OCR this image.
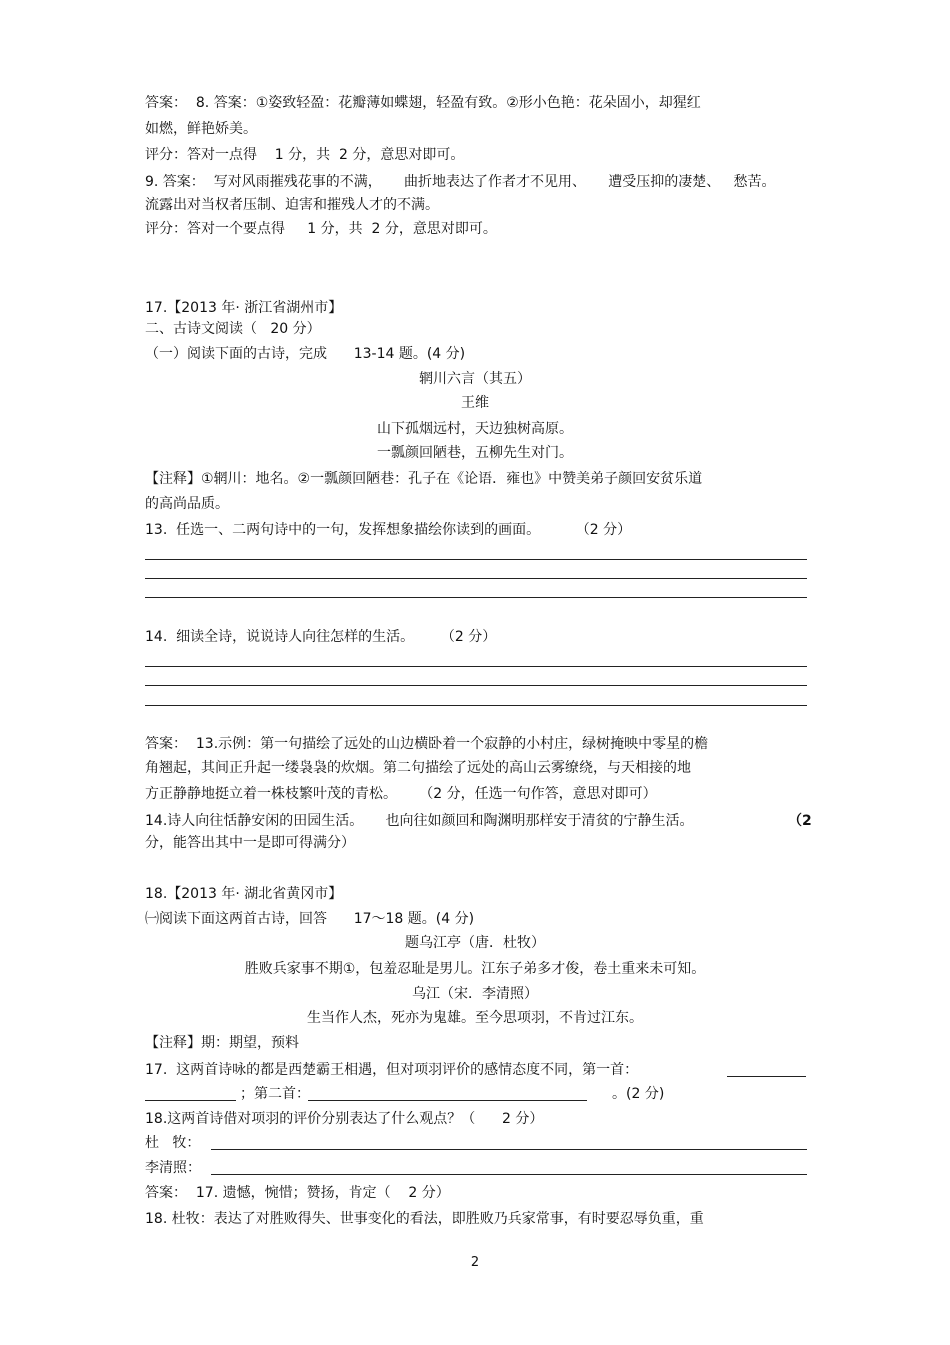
答案：  8. 答案：①姿致轻盈：花瓣薄如蝶翅，轻盈有致。②形小色艳：花朵固小，却猩红
如燃，鲜艳娇美。
评分：答对一点得    1 分，共  2 分，意思对即可。
9. 答案：  写对风雨摧残花事的不满，     曲折地表达了作者才不见用、     遭受压抑的凄楚、   愁苦。
流露出对当权者压制、迫害和摧残人才的不满。
评分：答对一个要点得     1 分，共  2 分，意思对即可。
17.【2013 年· 浙江省湖州市】
二、古诗文阅读（   20 分）
（一）阅读下面的古诗，完成      13-14 题。(4 分)
辋川六言（其五）
王维
山下孤烟远村，天边独树高原。
一瓢颜回陋巷，五柳先生对门。
【注释】①辋川：地名。②一瓢颜回陋巷：孔子在《论语．雍也》中赞美弟子颜回安贫乐道
的高尚品质。
13.  任选一、二两句诗中的一句，发挥想象描绘你读到的画面。        （2 分）
14.  细读全诗，说说诗人向往怎样的生活。      （2 分）
答案：  13.示例：第一句描绘了远处的山边横卧着一个寂静的小村庄，绿树掩映中零星的檐
角翘起，其间正升起一缕袅袅的炊烟。第二句描绘了远处的高山云雾缭绕，与天相接的地
方正静静地挺立着一株枝繁叶茂的青松。     （2 分，任选一句作答，意思对即可）
14.诗人向往恬静安闲的田园生活。     也向往如颜回和陶渊明那样安于清贫的宁静生活。	（2
分，能答出其中一是即可得满分）
18.【2013 年· 湖北省黄冈市】
㈠阅读下面这两首古诗，回答      17～18 题。(4 分)
题乌江亭（唐．杜牧）
胜败兵家事不期①，包羞忍耻是男儿。江东子弟多才俊，卷土重来未可知。
乌江（宋．李清照）
生当作人杰，死亦为鬼雄。至今思项羽，不肯过江东。
【注释】期：期望，预料
17.  这两首诗咏的都是西楚霸王相遇，但对项羽评价的感情态度不同，第一首：
；第二首：	。(2 分)
18.这两首诗借对项羽的评价分别表达了什么观点？（      2 分）
杜   牧：
李清照：
答案：  17. 遗憾，惋惜；赞扬，肯定（    2 分）
18. 杜牧：表达了对胜败得失、世事变化的看法，即胜败乃兵家常事，有时要忍辱负重，重
2
